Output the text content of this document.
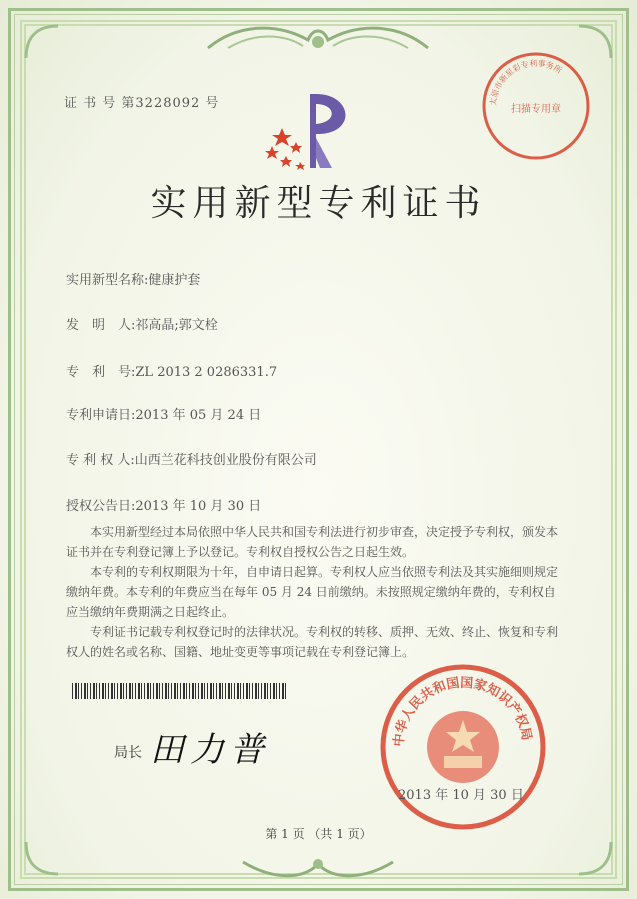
证 书 号 第3228092 号
实用新型专利证书
实用新型名称:健康护套
发　明　人:祁高晶;郭文栓
专　利　号:ZL 2013 2 0286331.7
专利申请日:2013 年 05 月 24 日
专 利 权 人:山西兰花科技创业股份有限公司
授权公告日:2013 年 10 月 30 日

本实用新型经过本局依照中华人民共和国专利法进行初步审查，决定授予专利权，颁发本证书并在专利登记簿上予以登记。专利权自授权公告之日起生效。

本专利的专利权期限为十年，自申请日起算。专利权人应当依照专利法及其实施细则规定缴纳年费。本专利的年费应当在每年 05 月 24 日前缴纳。未按照规定缴纳年费的，专利权自应当缴纳年费期满之日起终止。

专利证书记载专利权登记时的法律状况。专利权的转移、质押、无效、终止、恢复和专利权人的姓名或名称、国籍、地址变更等事项记载在专利登记簿上。

局长 田力普	中华人民共和国国家知识产权局
太原市新星彩专利事务所
扫描专用章
2013 年 10 月 30 日
第 1 页 （共 1 页）
